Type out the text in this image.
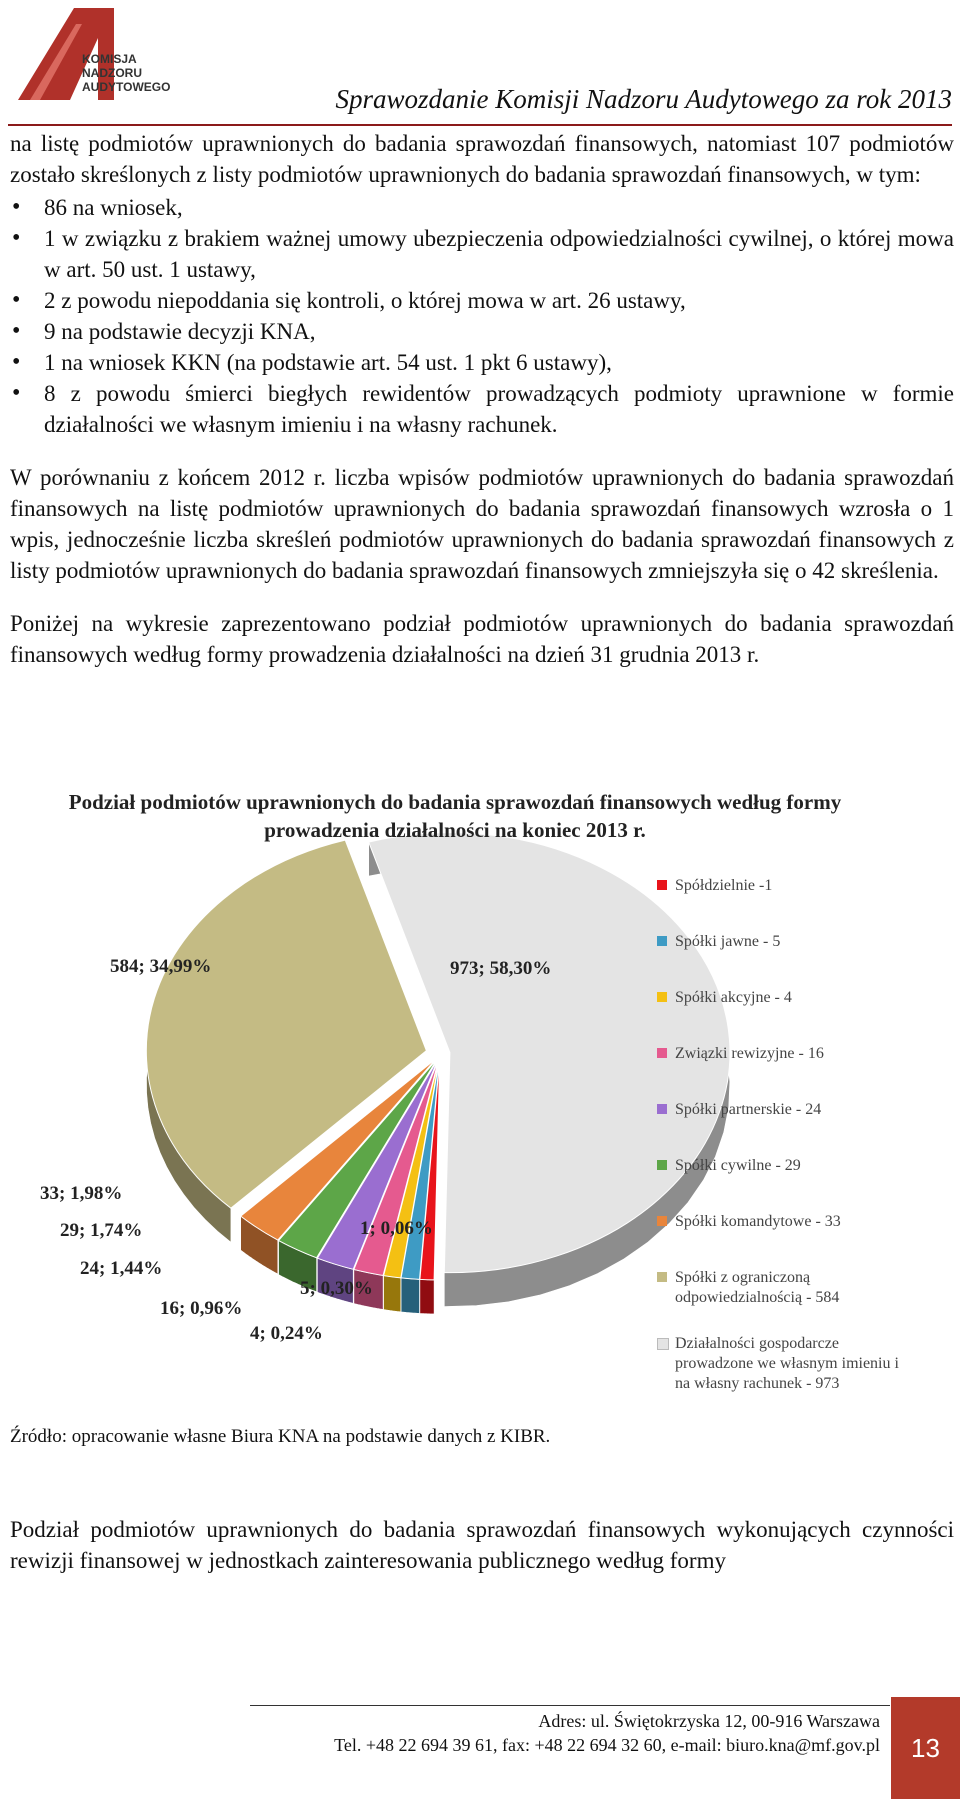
KOMISJA
NADZORU
AUDYTOWEGO	Sprawozdanie Komisji Nadzoru Audytowego za rok 2013

na listę podmiotów uprawnionych do badania sprawozdań finansowych, natomiast 107 podmiotów zostało skreślonych z listy podmiotów uprawnionych do badania sprawozdań finansowych, w tym:

• 86 na wniosek,
• 1 w związku z brakiem ważnej umowy ubezpieczenia odpowiedzialności cywilnej, o której mowa w art. 50 ust. 1 ustawy,
• 2 z powodu niepoddania się kontroli, o której mowa w art. 26 ustawy,
• 9 na podstawie decyzji KNA,
• 1 na wniosek KKN (na podstawie art. 54 ust. 1 pkt 6 ustawy),
• 8 z powodu śmierci biegłych rewidentów prowadzących podmioty uprawnione w formie działalności we własnym imieniu i na własny rachunek.

W porównaniu z końcem 2012 r. liczba wpisów podmiotów uprawnionych do badania sprawozdań finansowych na listę podmiotów uprawnionych do badania sprawozdań finansowych wzrosła o 1 wpis, jednocześnie liczba skreśleń podmiotów uprawnionych do badania sprawozdań finansowych z listy podmiotów uprawnionych do badania sprawozdań finansowych zmniejszyła się o 42 skreślenia.

Poniżej na wykresie zaprezentowano podział podmiotów uprawnionych do badania sprawozdań finansowych według formy prowadzenia działalności na dzień 31 grudnia 2013 r.

1; 0,06%
5; 0,30%
4; 0,24%
16; 0,96%
24; 1,44%
29; 1,74%
33; 1,98%
584; 34,99%	973; 58,30%
Podział podmiotów uprawnionych do badania sprawozdań finansowych według formy prowadzenia działalności na koniec 2013 r.
Spółdzielnie -1
Spółki jawne - 5
Spółki akcyjne - 4
Związki rewizyjne - 16
Spółki partnerskie - 24
Spółki cywilne - 29
Spółki komandytowe - 33
Spółki z ograniczoną
odpowiedzialnością - 584
Działalności gospodarcze
prowadzone we własnym imieniu i
na własny rachunek - 973
Źródło: opracowanie własne Biura KNA na podstawie danych z KIBR.

Podział podmiotów uprawnionych do badania sprawozdań finansowych wykonujących czynności rewizji finansowej w jednostkach zainteresowania publicznego według formy

Adres: ul. Świętokrzyska 12, 00-916 Warszawa
Tel. +48 22 694 39 61, fax: +48 22 694 32 60, e-mail: biuro.kna@mf.gov.pl	13
